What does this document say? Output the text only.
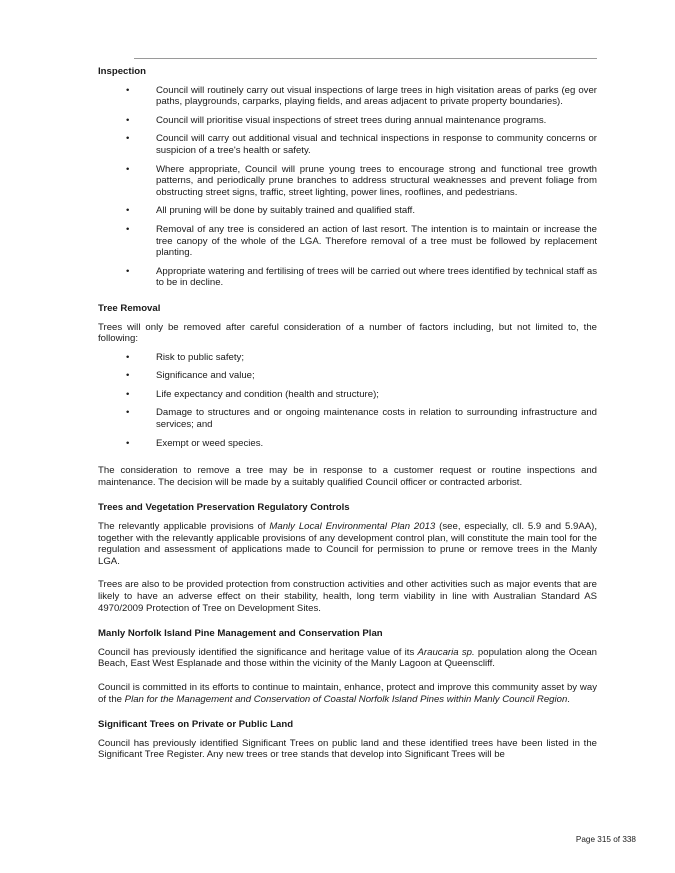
Inspection
•	Council will routinely carry out visual inspections of large trees in high visitation areas of parks (eg over paths, playgrounds, carparks, playing fields, and areas adjacent to private property boundaries).
•	Council will prioritise visual inspections of street trees during annual maintenance programs.
•	Council will carry out additional visual and technical inspections in response to community concerns or suspicion of a tree's health or safety.
•	Where appropriate, Council will prune young trees to encourage strong and functional tree growth patterns, and periodically prune branches to address structural weaknesses and prevent foliage from obstructing street signs, traffic, street lighting, power lines, rooflines, and pedestrians.
•	All pruning will be done by suitably trained and qualified staff.
•	Removal of any tree is considered an action of last resort. The intention is to maintain or increase the tree canopy of the whole of the LGA. Therefore removal of a tree must be followed by replacement planting.
•	Appropriate watering and fertilising of trees will be carried out where trees identified by technical staff as to be in decline.
Tree Removal

Trees will only be removed after careful consideration of a number of factors including, but not limited to, the following:

•	Risk to public safety;
•	Significance and value;
•	Life expectancy and condition (health and structure);
•	Damage to structures and or ongoing maintenance costs in relation to surrounding infrastructure and services; and
•	Exempt or weed species.

The consideration to remove a tree may be in response to a customer request or routine inspections and maintenance. The decision will be made by a suitably qualified Council officer or contracted arborist.

Trees and Vegetation Preservation Regulatory Controls

The relevantly applicable provisions of Manly Local Environmental Plan 2013 (see, especially, cll. 5.9 and 5.9AA), together with the relevantly applicable provisions of any development control plan, will constitute the main tool for the regulation and assessment of applications made to Council for permission to prune or remove trees in the Manly LGA.

Trees are also to be provided protection from construction activities and other activities such as major events that are likely to have an adverse effect on their stability, health, long term viability in line with Australian Standard AS 4970/2009 Protection of Tree on Development Sites.

Manly Norfolk Island Pine Management and Conservation Plan

Council has previously identified the significance and heritage value of its Araucaria sp. population along the Ocean Beach, East West Esplanade and those within the vicinity of the Manly Lagoon at Queenscliff.

Council is committed in its efforts to continue to maintain, enhance, protect and improve this community asset by way of the Plan for the Management and Conservation of Coastal Norfolk Island Pines within Manly Council Region.

Significant Trees on Private or Public Land

Council has previously identified Significant Trees on public land and these identified trees have been listed in the Significant Tree Register. Any new trees or tree stands that develop into Significant Trees will be

Page 315 of 338
